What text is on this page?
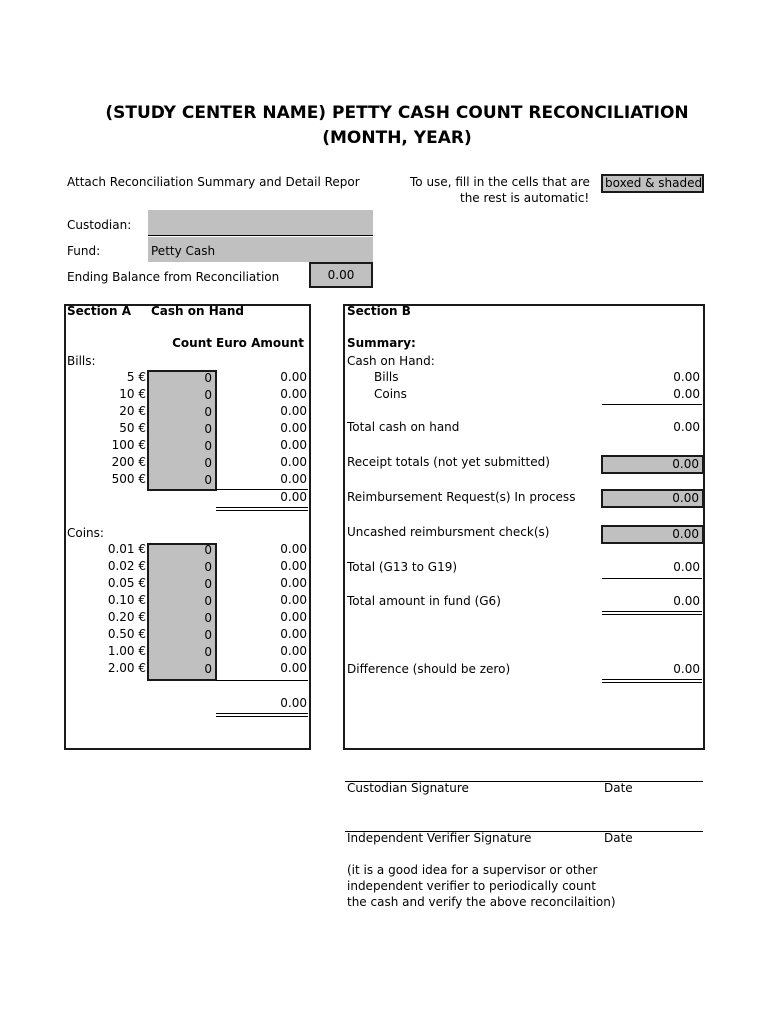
(STUDY CENTER NAME) PETTY CASH COUNT RECONCILIATION
(MONTH, YEAR)
Attach Reconciliation Summary and Detail Repor	To use, fill in the cells that are	boxed & shaded
the rest is automatic!
Custodian:
Fund:	Petty Cash
Ending Balance from Reconciliation	0.00
Section A Cash on Hand
Count Euro Amount
Bills:
5 €	0	0.00
10 €	0	0.00
20 €	0	0.00
50 €	0	0.00
100 €	0	0.00
200 €	0	0.00
500 €	0	0.00
0.00
Coins:
0.01 €	0	0.00
0.02 €	0	0.00
0.05 €	0	0.00
0.10 €	0	0.00
0.20 €	0	0.00
0.50 €	0	0.00
1.00 €	0	0.00
2.00 €	0	0.00
0.00
Section B
Summary:
Cash on Hand:
Bills	0.00
Coins	0.00
Total cash on hand	0.00
Receipt totals (not yet submitted)	0.00
Reimbursement Request(s) In process	0.00
Uncashed reimbursment check(s)	0.00
Total (G13 to G19)	0.00
Total amount in fund (G6)	0.00
Difference (should be zero)	0.00
Custodian Signature	Date
Independent Verifier Signature	Date
(it is a good idea for a supervisor or other
independent verifier to periodically count
the cash and verify the above reconcilaition)
